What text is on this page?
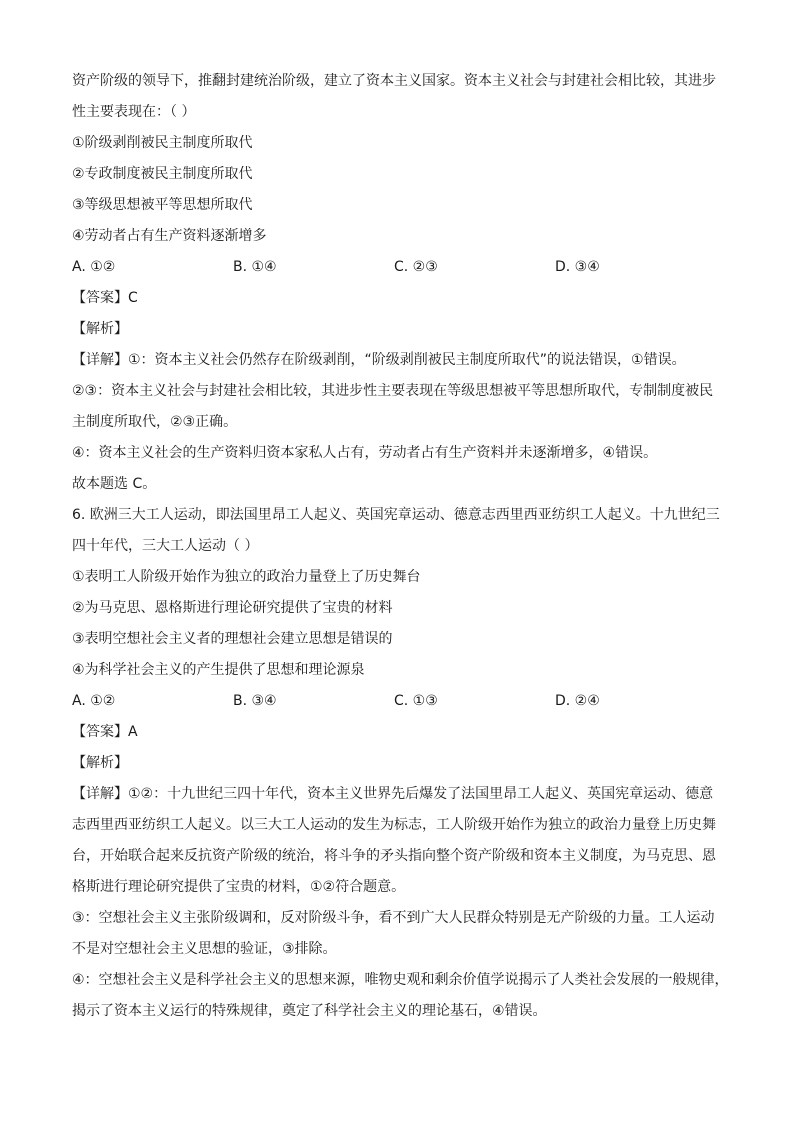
资产阶级的领导下，推翻封建统治阶级，建立了资本主义国家。资本主义社会与封建社会相比较，其进步
性主要表现在：（ ）
①阶级剥削被民主制度所取代
②专政制度被民主制度所取代
③等级思想被平等思想所取代
④劳动者占有生产资料逐渐增多
A. ①②	B. ①④	C. ②③	D. ③④
【答案】C
【解析】
【详解】①：资本主义社会仍然存在阶级剥削，“阶级剥削被民主制度所取代”的说法错误，①错误。
②③：资本主义社会与封建社会相比较，其进步性主要表现在等级思想被平等思想所取代，专制制度被民
主制度所取代，②③正确。
④：资本主义社会的生产资料归资本家私人占有，劳动者占有生产资料并未逐渐增多，④错误。
故本题选 C。
6. 欧洲三大工人运动，即法国里昂工人起义、英国宪章运动、德意志西里西亚纺织工人起义。十九世纪三
四十年代，三大工人运动（ ）
①表明工人阶级开始作为独立的政治力量登上了历史舞台
②为马克思、恩格斯进行理论研究提供了宝贵的材料
③表明空想社会主义者的理想社会建立思想是错误的
④为科学社会主义的产生提供了思想和理论源泉
A. ①②	B. ③④	C. ①③	D. ②④
【答案】A
【解析】
【详解】①②：十九世纪三四十年代，资本主义世界先后爆发了法国里昂工人起义、英国宪章运动、德意
志西里西亚纺织工人起义。以三大工人运动的发生为标志，工人阶级开始作为独立的政治力量登上历史舞
台，开始联合起来反抗资产阶级的统治，将斗争的矛头指向整个资产阶级和资本主义制度，为马克思、恩
格斯进行理论研究提供了宝贵的材料，①②符合题意。
③：空想社会主义主张阶级调和，反对阶级斗争，看不到广大人民群众特别是无产阶级的力量。工人运动
不是对空想社会主义思想的验证，③排除。
④：空想社会主义是科学社会主义的思想来源，唯物史观和剩余价值学说揭示了人类社会发展的一般规律，
揭示了资本主义运行的特殊规律，奠定了科学社会主义的理论基石，④错误。
